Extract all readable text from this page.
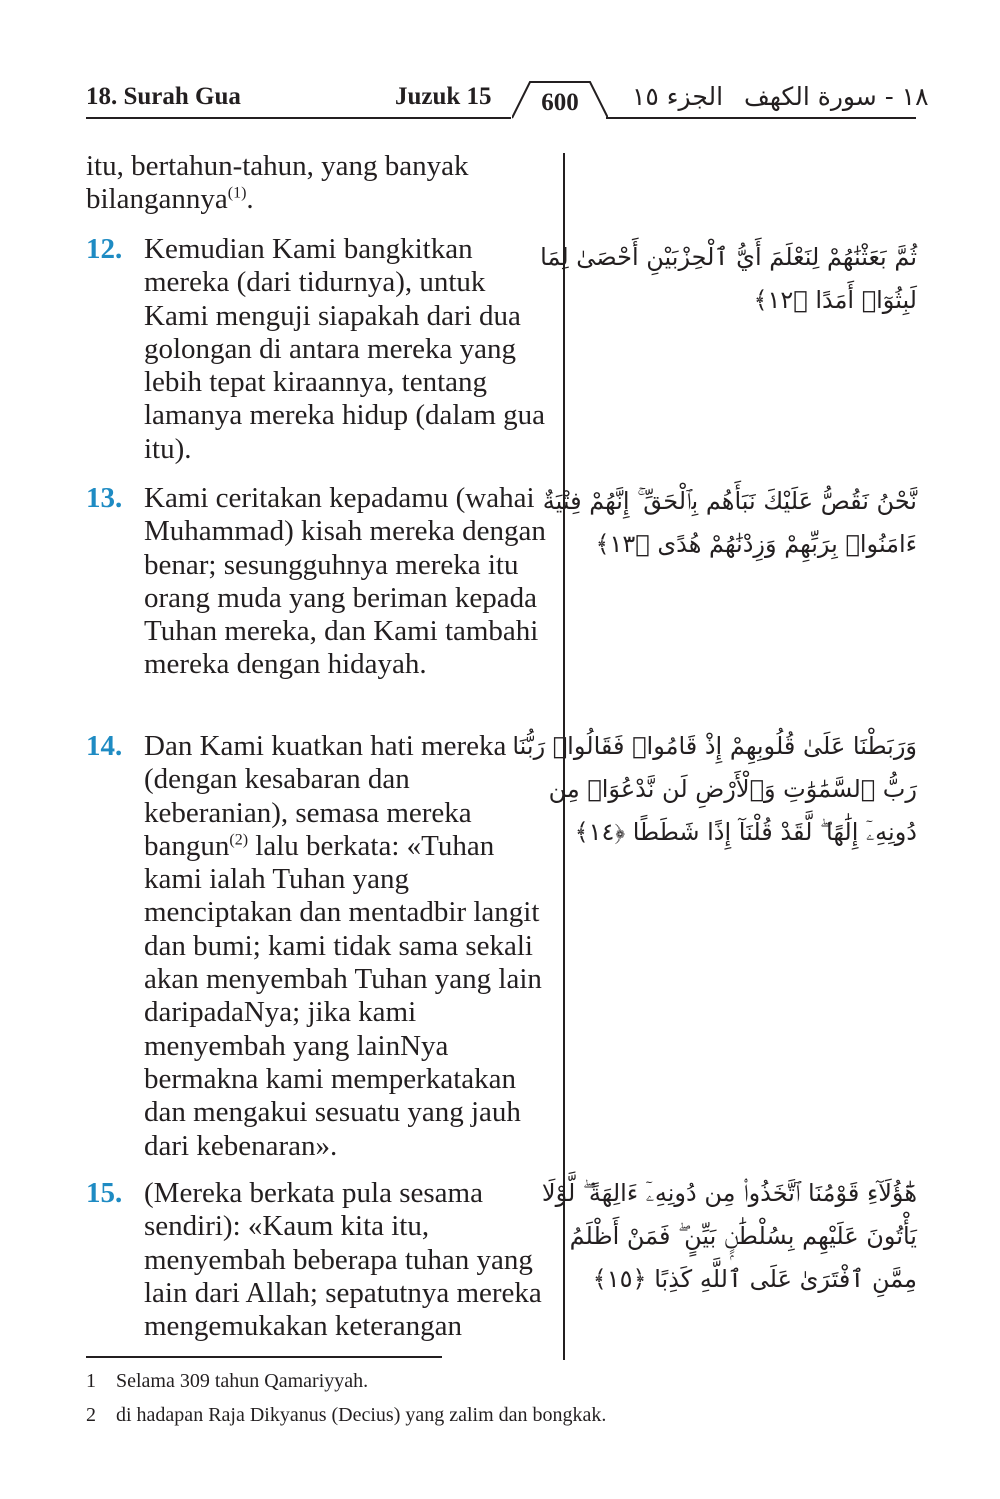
18. Surah Gua	Juzuk 15	600	الجزء ١٥ ١٨ - سورة الكهف

itu, bertahun-tahun, yang banyak

bilangannya$^{(1)}$.

12. Kemudian Kami bangkitkan mereka (dari tidurnya), untuk Kami menguji siapakah dari dua golongan di antara mereka yang lebih tepat kiraannya, tentang lamanya mereka hidup (dalam gua itu).

13. Kami ceritakan kepadamu (wahai Muhammad) kisah mereka dengan benar; sesungguhnya mereka itu orang muda yang beriman kepada Tuhan mereka, dan Kami tambahi mereka dengan hidayah.

14. Dan Kami kuatkan hati mereka (dengan kesabaran dan keberanian), semasa mereka bangun$^{(2)}$ lalu berkata: «Tuhan kami ialah Tuhan yang menciptakan dan mentadbir langit dan bumi; kami tidak sama sekali akan menyembah Tuhan yang lain daripadaNya; jika kami menyembah yang lainNya bermakna kami memperkatakan dan mengakui sesuatu yang jauh dari kebenaran».

15. (Mereka berkata pula sesama sendiri): «Kaum kita itu, menyembah beberapa tuhan yang lain dari Allah; sepatutnya mereka mengemukakan keterangan

ثُمَّ بَعَثْنَٰهُمْ لِنَعْلَمَ أَيُّ ٱلْحِزْبَيْنِ أَحْصَىٰ لِمَا
لَبِثُوٓا۟ أَمَدًا ﴿١٢﴾
نَّحْنُ نَقُصُّ عَلَيْكَ نَبَأَهُم بِٱلْحَقِّ ۚ إِنَّهُمْ فِتْيَةٌ
ءَامَنُوا۟ بِرَبِّهِمْ وَزِدْنَٰهُمْ هُدًى ﴿١٣﴾
وَرَبَطْنَا عَلَىٰ قُلُوبِهِمْ إِذْ قَامُوا۟ فَقَالُوا۟ رَبُّنَا
رَبُّ ٱلسَّمَٰوَٰتِ وَٱلْأَرْضِ لَن نَّدْعُوَا۟ مِن
دُونِهِۦٓ إِلَٰهًا ۖ لَّقَدْ قُلْنَآ إِذًا شَطَطًا ﴿١٤﴾
هَٰٓؤُلَآءِ قَوْمُنَا ٱتَّخَذُوا۟ مِن دُونِهِۦٓ ءَالِهَةً ۖ لَّوْلَا
يَأْتُونَ عَلَيْهِم بِسُلْطَٰنٍۭ بَيِّنٍ ۖ فَمَنْ أَظْلَمُ
مِمَّنِ ٱفْتَرَىٰ عَلَى ٱللَّهِ كَذِبًا ﴿١٥﴾
1 Selama 309 tahun Qamariyyah.
2 di hadapan Raja Dikyanus (Decius) yang zalim dan bongkak.
